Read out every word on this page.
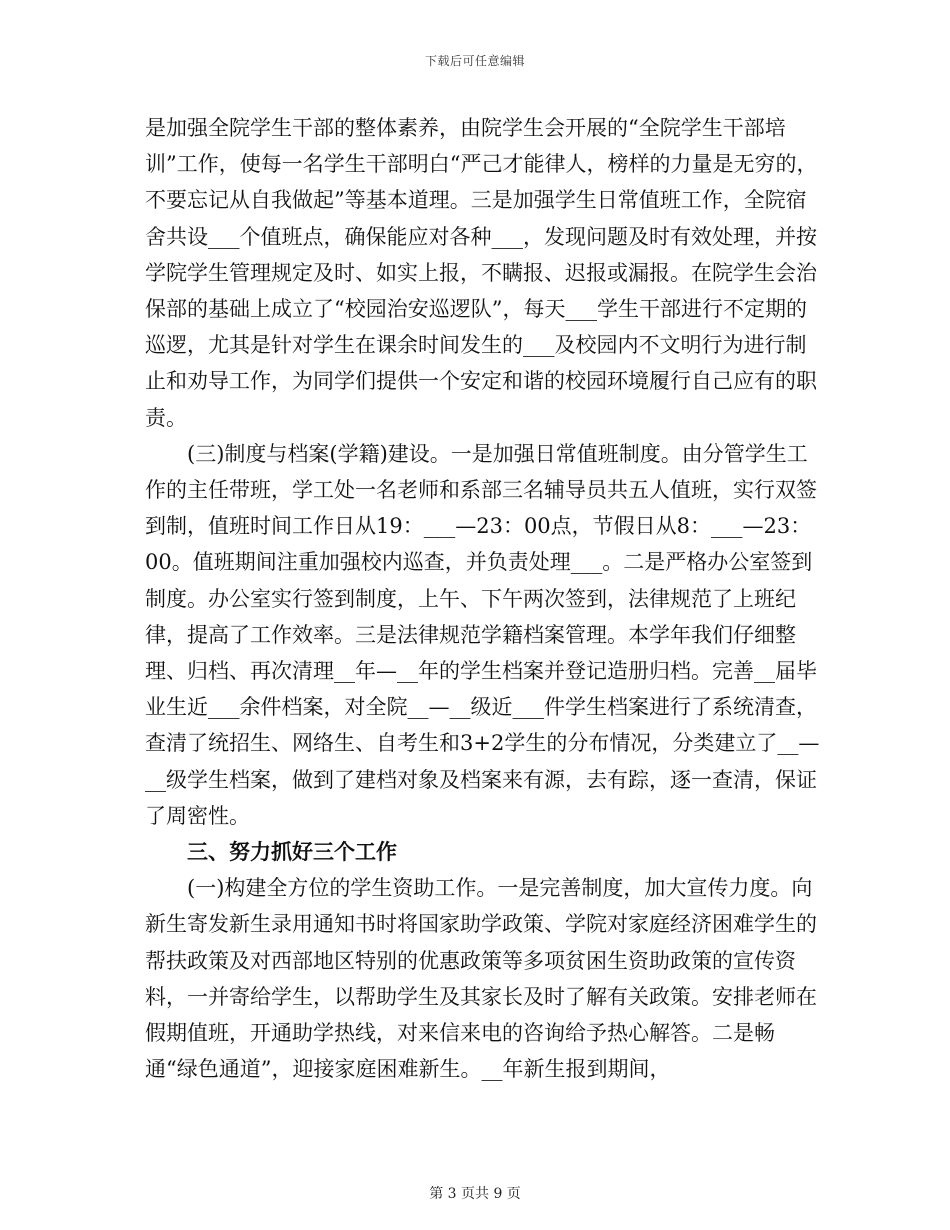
下载后可任意编辑

是加强全院学生干部的整体素养，由院学生会开展的“全院学生干部培训”工作，使每一名学生干部明白“严己才能律人，榜样的力量是无穷的，不要忘记从自我做起”等基本道理。三是加强学生日常值班工作，全院宿舍共设___个值班点，确保能应对各种___，发现问题及时有效处理，并按学院学生管理规定及时、如实上报，不瞒报、迟报或漏报。在院学生会治保部的基础上成立了“校园治安巡逻队”，每天___学生干部进行不定期的巡逻，尤其是针对学生在课余时间发生的___及校园内不文明行为进行制止和劝导工作，为同学们提供一个安定和谐的校园环境履行自己应有的职责。

(三)制度与档案(学籍)建设。一是加强日常值班制度。由分管学生工作的主任带班，学工处一名老师和系部三名辅导员共五人值班，实行双签到制，值班时间工作日从19：___—23：00点，节假日从8：___—23：00。值班期间注重加强校内巡查，并负责处理___。二是严格办公室签到制度。办公室实行签到制度，上午、下午两次签到，法律规范了上班纪律，提高了工作效率。三是法律规范学籍档案管理。本学年我们仔细整理、归档、再次清理__年—__年的学生档案并登记造册归档。完善__届毕业生近___余件档案，对全院__—__级近___件学生档案进行了系统清查，查清了统招生、网络生、自考生和3+2学生的分布情况，分类建立了__—__级学生档案，做到了建档对象及档案来有源，去有踪，逐一查清，保证了周密性。

三、努力抓好三个工作

(一)构建全方位的学生资助工作。一是完善制度，加大宣传力度。向新生寄发新生录用通知书时将国家助学政策、学院对家庭经济困难学生的帮扶政策及对西部地区特别的优惠政策等多项贫困生资助政策的宣传资料，一并寄给学生，以帮助学生及其家长及时了解有关政策。安排老师在假期值班，开通助学热线，对来信来电的咨询给予热心解答。二是畅通“绿色通道”，迎接家庭困难新生。__年新生报到期间，

第 3 页共 9 页
